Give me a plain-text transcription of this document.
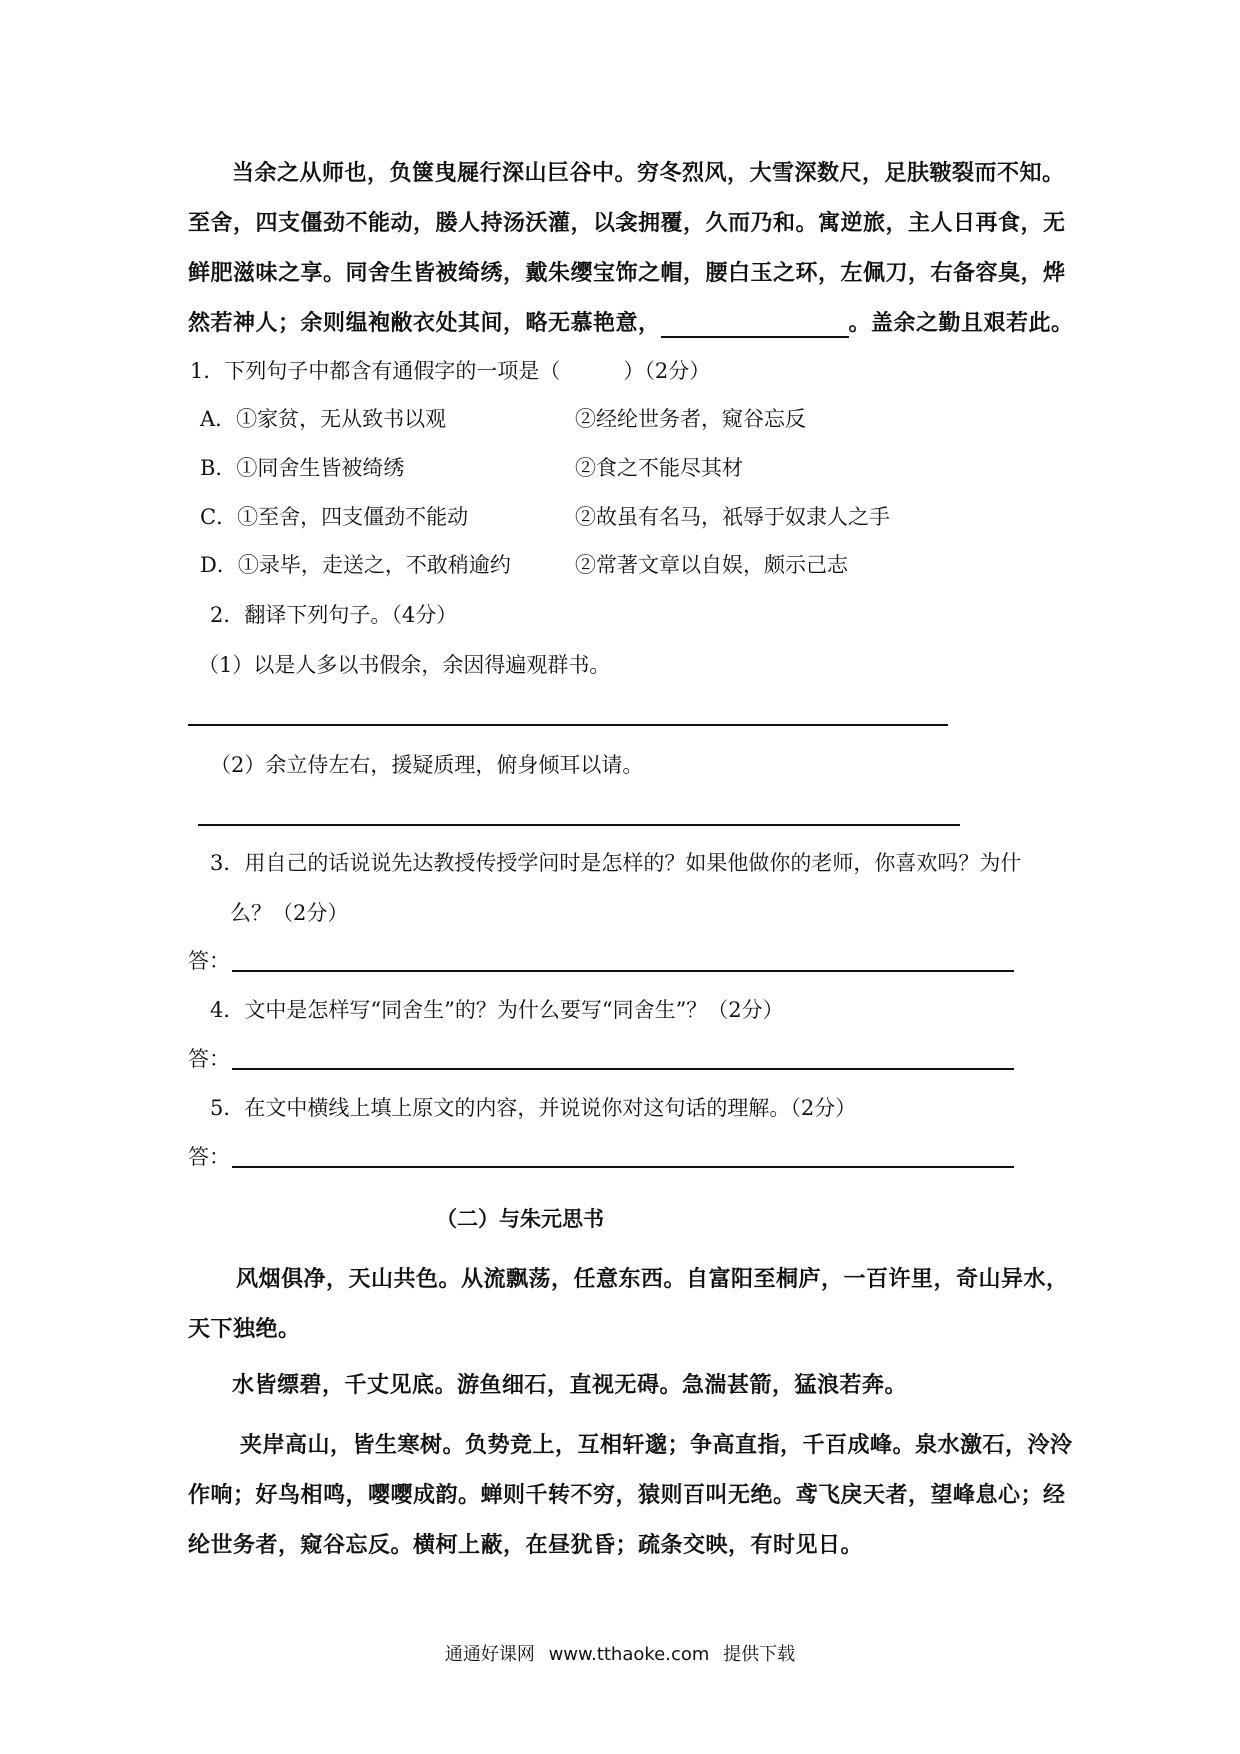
当余之从师也，负箧曳屣行深山巨谷中。穷冬烈风，大雪深数尺，足肤皲裂而不知。
至舍，四支僵劲不能动，媵人持汤沃灌，以衾拥覆，久而乃和。寓逆旅，主人日再食，无
鲜肥滋味之享。同舍生皆被绮绣，戴朱缨宝饰之帽，腰白玉之环，左佩刀，右备容臭，烨
然若神人；余则缊袍敝衣处其间，略无慕艳意，	。盖余之勤且艰若此。
1．下列句子中都含有通假字的一项是（　　　）（2分）
A．①家贫，无从致书以观	②经纶世务者，窥谷忘反
B．①同舍生皆被绮绣	②食之不能尽其材
C．①至舍，四支僵劲不能动	②故虽有名马，祇辱于奴隶人之手
D．①录毕，走送之，不敢稍逾约	②常著文章以自娱，颇示己志
2．翻译下列句子。（4分）
（1）以是人多以书假余，余因得遍观群书。
（2）余立侍左右，援疑质理，俯身倾耳以请。
3．用自己的话说说先达教授传授学问时是怎样的？如果他做你的老师，你喜欢吗？为什
么？（2分）
答：
4．文中是怎样写“同舍生”的？为什么要写“同舍生”？（2分）
答：
5．在文中横线上填上原文的内容，并说说你对这句话的理解。（2分）
答：
（二）与朱元思书
风烟俱净，天山共色。从流飘荡，任意东西。自富阳至桐庐，一百许里，奇山异水，
天下独绝。
水皆缥碧，千丈见底。游鱼细石，直视无碍。急湍甚箭，猛浪若奔。
夹岸高山，皆生寒树。负势竞上，互相轩邈；争高直指，千百成峰。泉水激石，泠泠
作响；好鸟相鸣，嘤嘤成韵。蝉则千转不穷，猿则百叫无绝。鸢飞戾天者，望峰息心；经
纶世务者，窥谷忘反。横柯上蔽，在昼犹昏；疏条交映，有时见日。
通通好课网 www.tthaoke.com 提供下载
